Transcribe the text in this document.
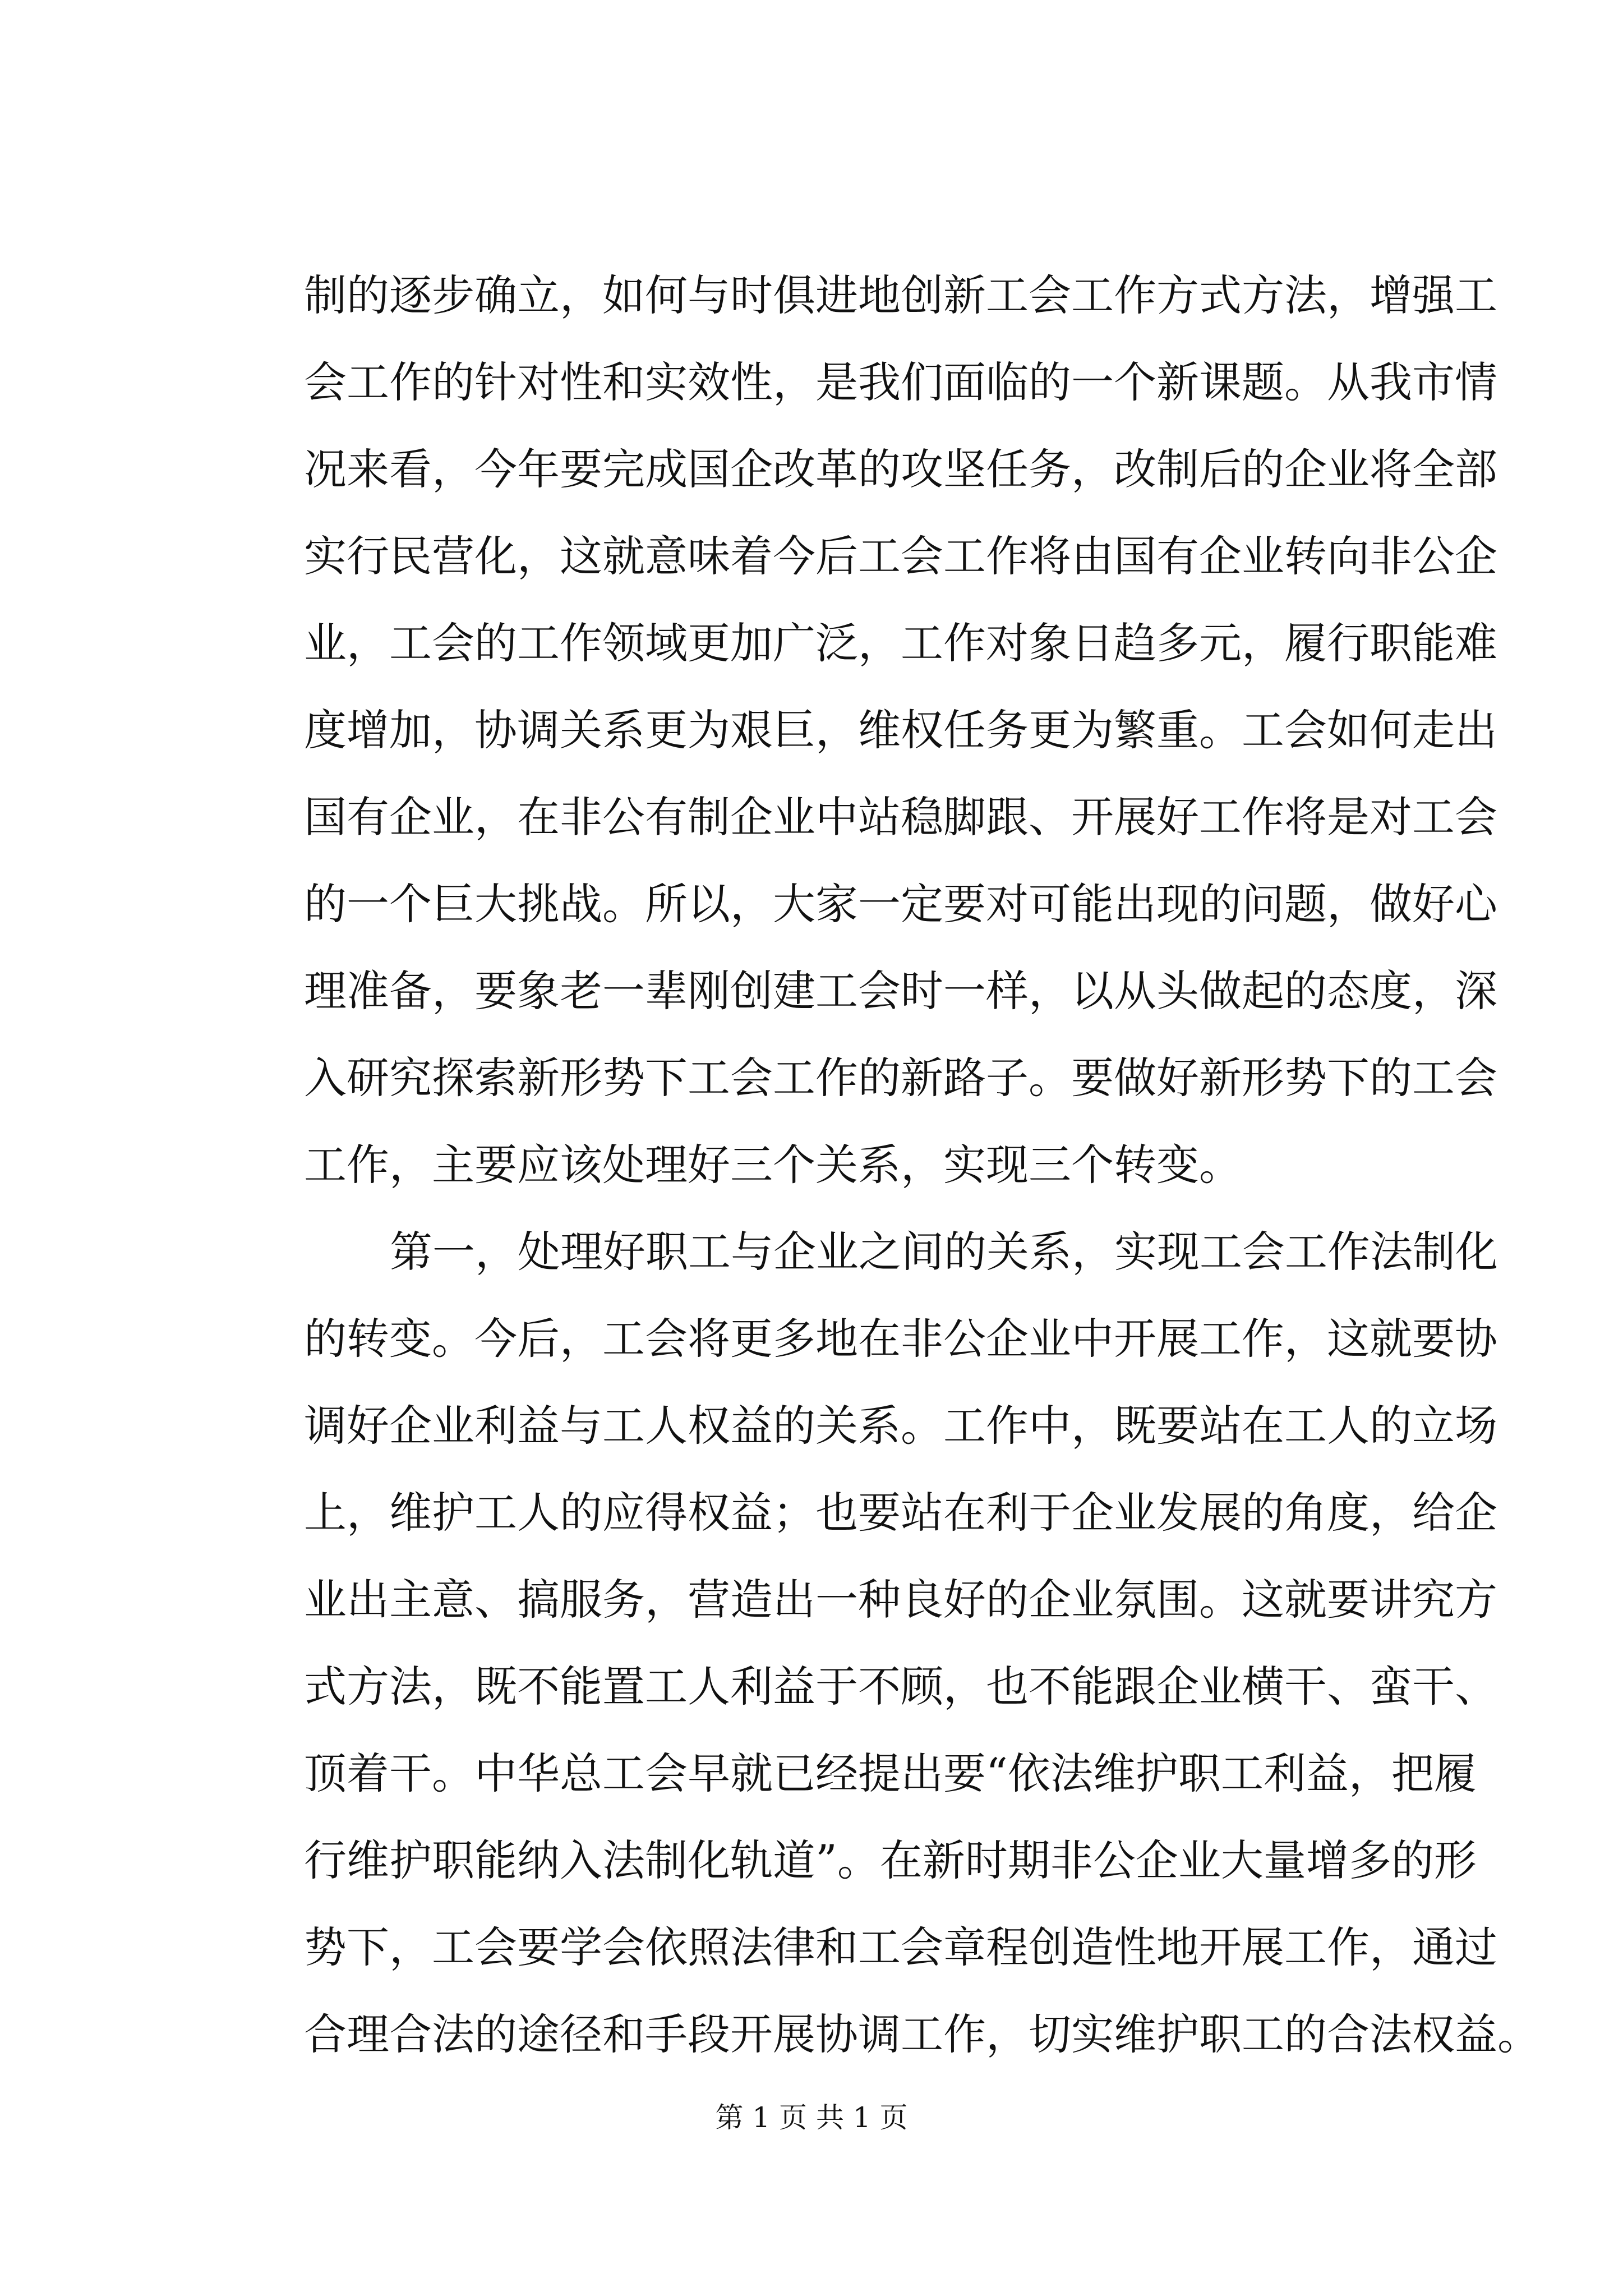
制的逐步确立，如何与时俱进地创新工会工作方式方法，增强工
会工作的针对性和实效性，是我们面临的一个新课题。从我市情
况来看，今年要完成国企改革的攻坚任务，改制后的企业将全部
实行民营化，这就意味着今后工会工作将由国有企业转向非公企
业，工会的工作领域更加广泛，工作对象日趋多元，履行职能难
度增加，协调关系更为艰巨，维权任务更为繁重。工会如何走出
国有企业，在非公有制企业中站稳脚跟、开展好工作将是对工会
的一个巨大挑战。所以，大家一定要对可能出现的问题，做好心
理准备，要象老一辈刚创建工会时一样，以从头做起的态度，深
入研究探索新形势下工会工作的新路子。要做好新形势下的工会
工作，主要应该处理好三个关系，实现三个转变。
第一，处理好职工与企业之间的关系，实现工会工作法制化
的转变。今后，工会将更多地在非公企业中开展工作，这就要协
调好企业利益与工人权益的关系。工作中，既要站在工人的立场
上，维护工人的应得权益；也要站在利于企业发展的角度，给企
业出主意、搞服务，营造出一种良好的企业氛围。这就要讲究方
式方法，既不能置工人利益于不顾，也不能跟企业横干、蛮干、
顶着干。中华总工会早就已经提出要“依法维护职工利益，把履
行维护职能纳入法制化轨道”。在新时期非公企业大量增多的形
势下，工会要学会依照法律和工会章程创造性地开展工作，通过
合理合法的途径和手段开展协调工作，切实维护职工的合法权益。
第 1 页 共 1 页
